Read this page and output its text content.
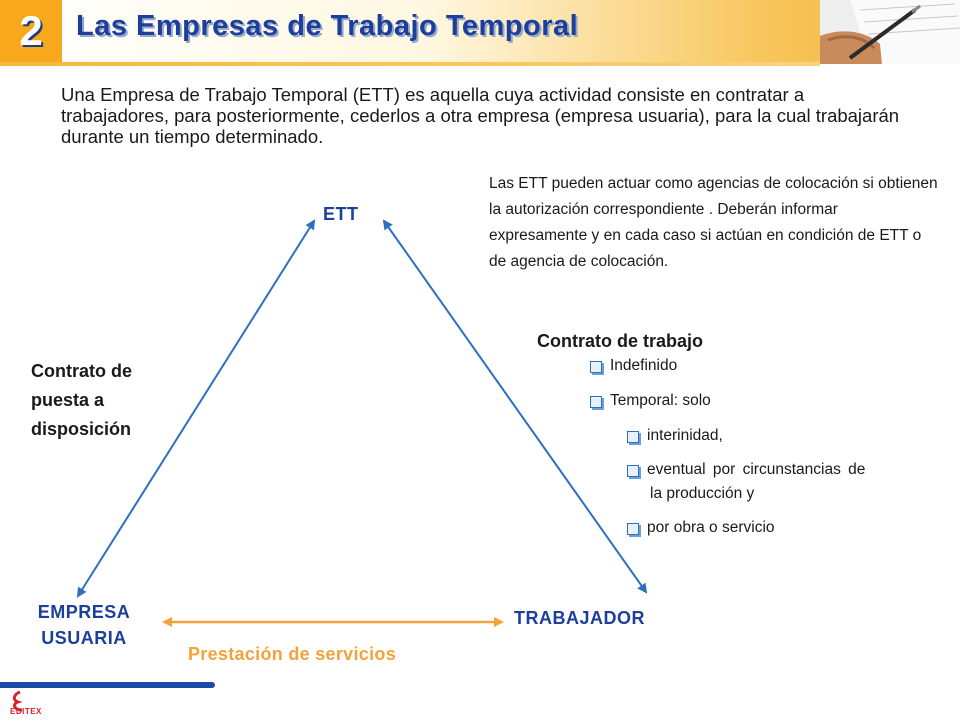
2 Las Empresas de Trabajo Temporal
Una Empresa de Trabajo Temporal (ETT) es aquella cuya actividad consiste en contratar a trabajadores, para posteriormente, cederlos a otra empresa (empresa usuaria), para la cual trabajarán durante un tiempo determinado.
Las ETT pueden actuar como agencias de colocación si obtienen la autorización correspondiente . Deberán informar expresamente y en cada caso si actúan en condición de ETT o de agencia de colocación.
ETT
EMPRESA
USUARIA
TRABAJADOR
Contrato de
puesta a
disposición
Prestación de servicios
Contrato de trabajo
Indefinido
Temporal: solo
interinidad,
eventual por circunstancias de
la producción y
por obra o servicio
EDITEX
